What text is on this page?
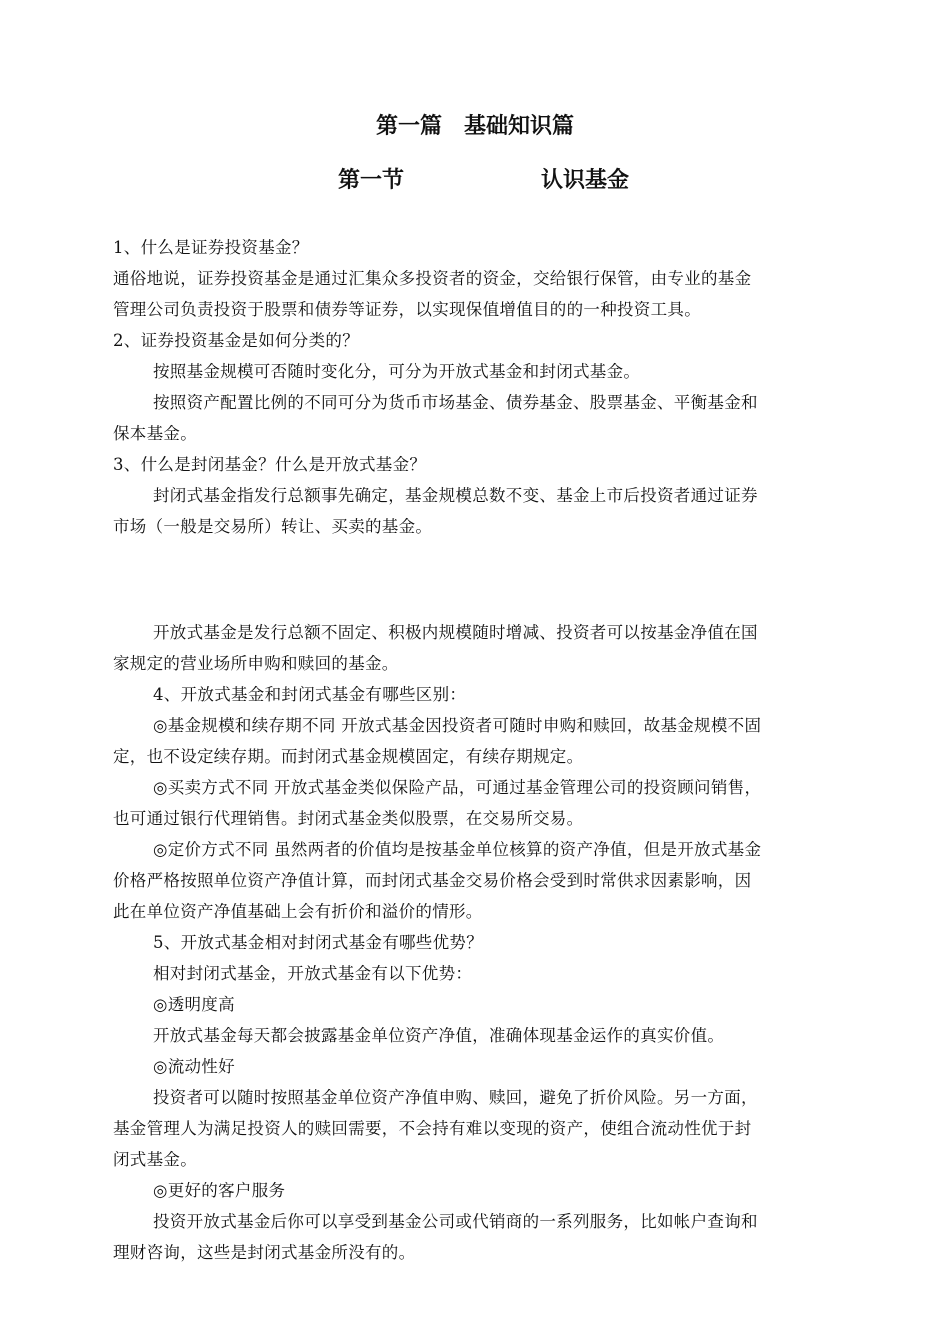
第一篇　基础知识篇
第一节	认识基金
1、什么是证券投资基金？
通俗地说，证券投资基金是通过汇集众多投资者的资金，交给银行保管，由专业的基金
管理公司负责投资于股票和债券等证券，以实现保值增值目的的一种投资工具。
2、证券投资基金是如何分类的？
按照基金规模可否随时变化分，可分为开放式基金和封闭式基金。
按照资产配置比例的不同可分为货币市场基金、债券基金、股票基金、平衡基金和
保本基金。
3、什么是封闭基金？什么是开放式基金？
封闭式基金指发行总额事先确定，基金规模总数不变、基金上市后投资者通过证券
市场（一般是交易所）转让、买卖的基金。
开放式基金是发行总额不固定、积极内规模随时增减、投资者可以按基金净值在国
家规定的营业场所申购和赎回的基金。
4、开放式基金和封闭式基金有哪些区别：
◎基金规模和续存期不同 开放式基金因投资者可随时申购和赎回，故基金规模不固
定，也不设定续存期。而封闭式基金规模固定，有续存期规定。
◎买卖方式不同 开放式基金类似保险产品，可通过基金管理公司的投资顾问销售，
也可通过银行代理销售。封闭式基金类似股票，在交易所交易。
◎定价方式不同 虽然两者的价值均是按基金单位核算的资产净值，但是开放式基金
价格严格按照单位资产净值计算，而封闭式基金交易价格会受到时常供求因素影响，因
此在单位资产净值基础上会有折价和溢价的情形。
5、开放式基金相对封闭式基金有哪些优势？
相对封闭式基金，开放式基金有以下优势：
◎透明度高
开放式基金每天都会披露基金单位资产净值，准确体现基金运作的真实价值。
◎流动性好
投资者可以随时按照基金单位资产净值申购、赎回，避免了折价风险。另一方面，
基金管理人为满足投资人的赎回需要，不会持有难以变现的资产，使组合流动性优于封
闭式基金。
◎更好的客户服务
投资开放式基金后你可以享受到基金公司或代销商的一系列服务，比如帐户查询和
理财咨询，这些是封闭式基金所没有的。
